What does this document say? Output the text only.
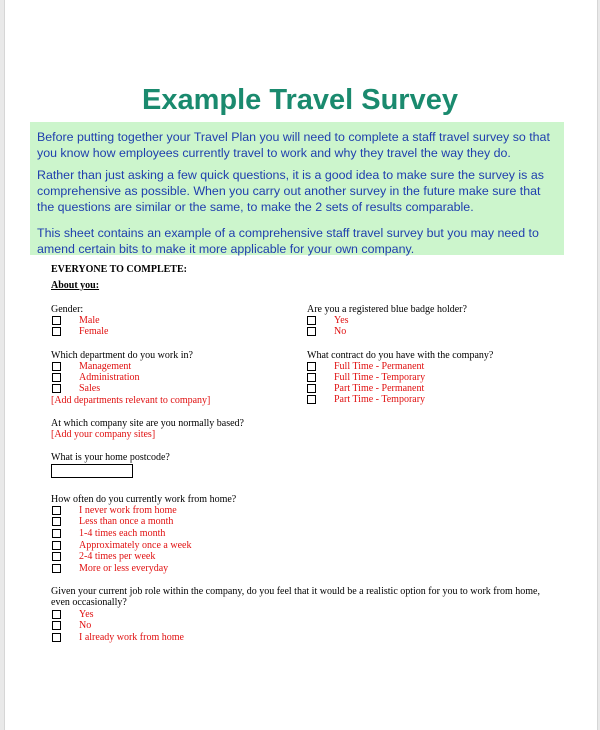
Example Travel Survey

Before putting together your Travel Plan you will need to complete a staff travel survey so that you know how employees currently travel to work and why they travel the way they do.

Rather than just asking a few quick questions, it is a good idea to make sure the survey is as comprehensive as possible. When you carry out another survey in the future make sure that the questions are similar or the same, to make the 2 sets of results comparable.

This sheet contains an example of a comprehensive staff travel survey but you may need to amend certain bits to make it more applicable for your own company.

EVERYONE TO COMPLETE:
About you:
Gender:
Male
Female
Are you a registered blue badge holder?
Yes
No
Which department do you work in?
Management
Administration
Sales
[Add departments relevant to company]
What contract do you have with the company?
Full Time - Permanent
Full Time - Temporary
Part Time - Permanent
Part Time - Temporary
At which company site are you normally based?
[Add your company sites]
What is your home postcode?
How often do you currently work from home?
I never work from home
Less than once a month
1-4 times each month
Approximately once a week
2-4 times per week
More or less everyday
Given your current job role within the company, do you feel that it would be a realistic option for you to work from home,
even occasionally?
Yes
No
I already work from home
